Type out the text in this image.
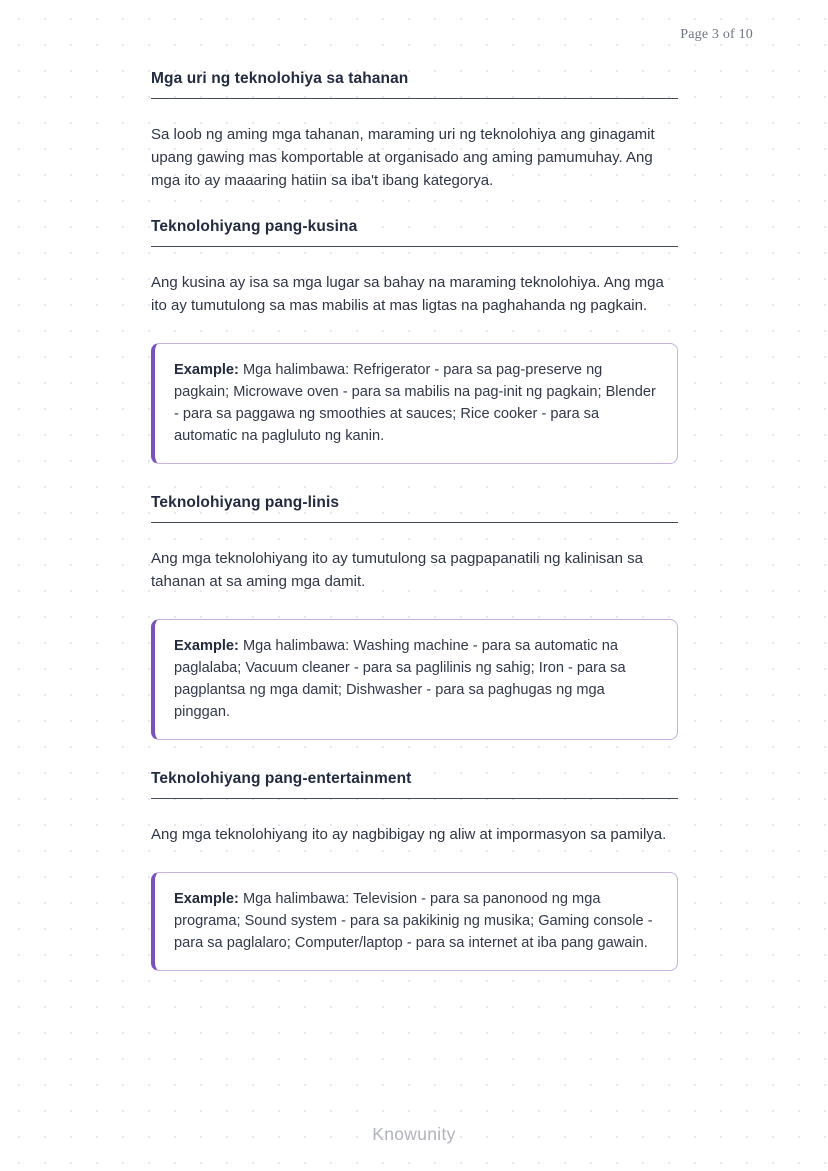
Page 3 of 10
Mga uri ng teknolohiya sa tahanan

Sa loob ng aming mga tahanan, maraming uri ng teknolohiya ang ginagamit upang gawing mas komportable at organisado ang aming pamumuhay. Ang mga ito ay maaaring hatiin sa iba't ibang kategorya.

Teknolohiyang pang-kusina

Ang kusina ay isa sa mga lugar sa bahay na maraming teknolohiya. Ang mga ito ay tumutulong sa mas mabilis at mas ligtas na paghahanda ng pagkain.

Example: Mga halimbawa: Refrigerator - para sa pag-preserve ng pagkain; Microwave oven - para sa mabilis na pag-init ng pagkain; Blender - para sa paggawa ng smoothies at sauces; Rice cooker - para sa automatic na pagluluto ng kanin.

Teknolohiyang pang-linis

Ang mga teknolohiyang ito ay tumutulong sa pagpapanatili ng kalinisan sa tahanan at sa aming mga damit.

Example: Mga halimbawa: Washing machine - para sa automatic na paglalaba; Vacuum cleaner - para sa paglilinis ng sahig; Iron - para sa pagplantsa ng mga damit; Dishwasher - para sa paghugas ng mga pinggan.

Teknolohiyang pang-entertainment

Ang mga teknolohiyang ito ay nagbibigay ng aliw at impormasyon sa pamilya.

Example: Mga halimbawa: Television - para sa panonood ng mga programa; Sound system - para sa pakikinig ng musika; Gaming console - para sa paglalaro; Computer/laptop - para sa internet at iba pang gawain.

Knowunity
